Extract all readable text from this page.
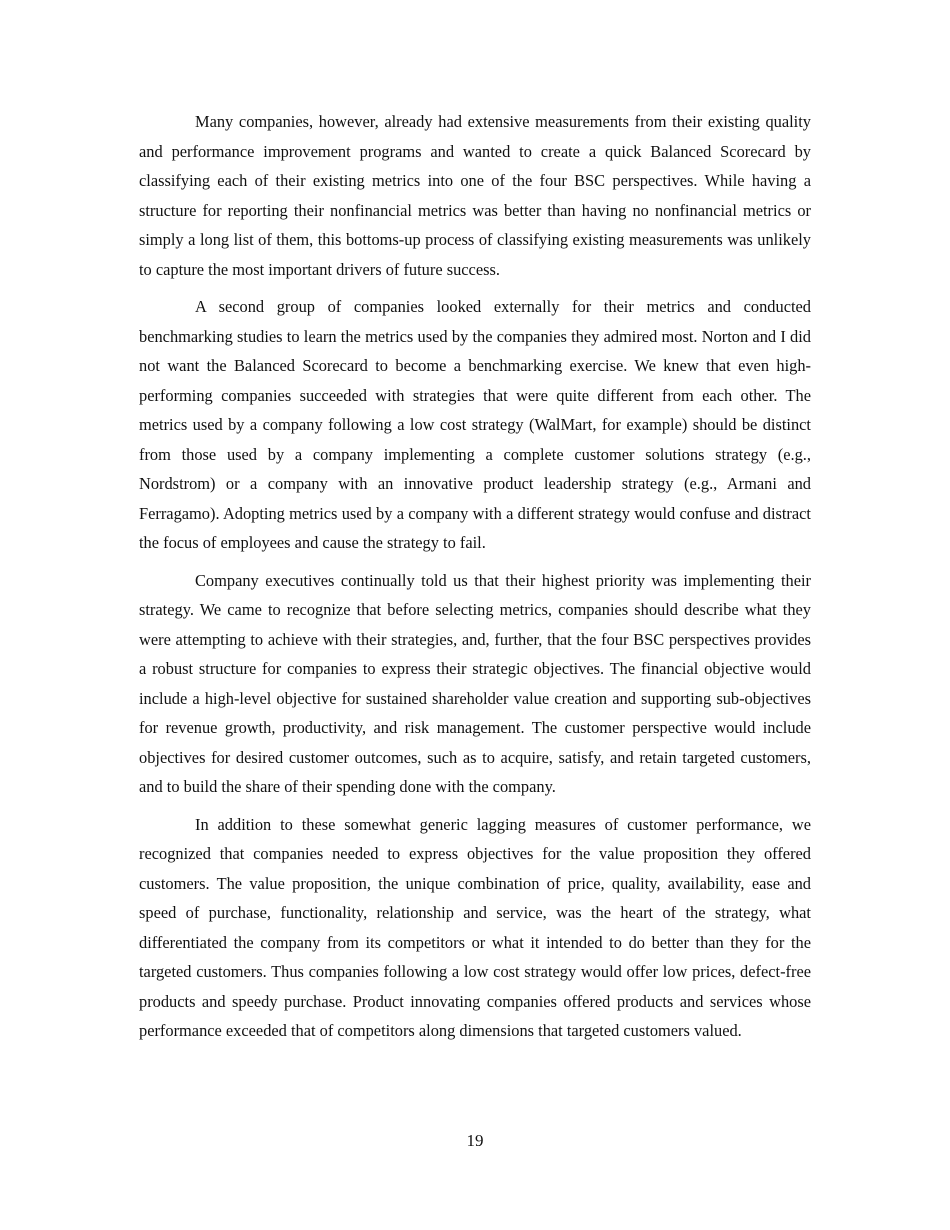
Many companies, however, already had extensive measurements from their existing quality and performance improvement programs and wanted to create a quick Balanced Scorecard by classifying each of their existing metrics into one of the four BSC perspectives. While having a structure for reporting their nonfinancial metrics was better than having no nonfinancial metrics or simply a long list of them, this bottoms-up process of classifying existing measurements was unlikely to capture the most important drivers of future success.

A second group of companies looked externally for their metrics and conducted benchmarking studies to learn the metrics used by the companies they admired most. Norton and I did not want the Balanced Scorecard to become a benchmarking exercise. We knew that even high-performing companies succeeded with strategies that were quite different from each other. The metrics used by a company following a low cost strategy (WalMart, for example) should be distinct from those used by a company implementing a complete customer solutions strategy (e.g., Nordstrom) or a company with an innovative product leadership strategy (e.g., Armani and Ferragamo). Adopting metrics used by a company with a different strategy would confuse and distract the focus of employees and cause the strategy to fail.

Company executives continually told us that their highest priority was implementing their strategy. We came to recognize that before selecting metrics, companies should describe what they were attempting to achieve with their strategies, and, further, that the four BSC perspectives provides a robust structure for companies to express their strategic objectives. The financial objective would include a high-level objective for sustained shareholder value creation and supporting sub-objectives for revenue growth, productivity, and risk management. The customer perspective would include objectives for desired customer outcomes, such as to acquire, satisfy, and retain targeted customers, and to build the share of their spending done with the company.

In addition to these somewhat generic lagging measures of customer performance, we recognized that companies needed to express objectives for the value proposition they offered customers. The value proposition, the unique combination of price, quality, availability, ease and speed of purchase, functionality, relationship and service, was the heart of the strategy, what differentiated the company from its competitors or what it intended to do better than they for the targeted customers. Thus companies following a low cost strategy would offer low prices, defect-free products and speedy purchase. Product innovating companies offered products and services whose performance exceeded that of competitors along dimensions that targeted customers valued.

19
